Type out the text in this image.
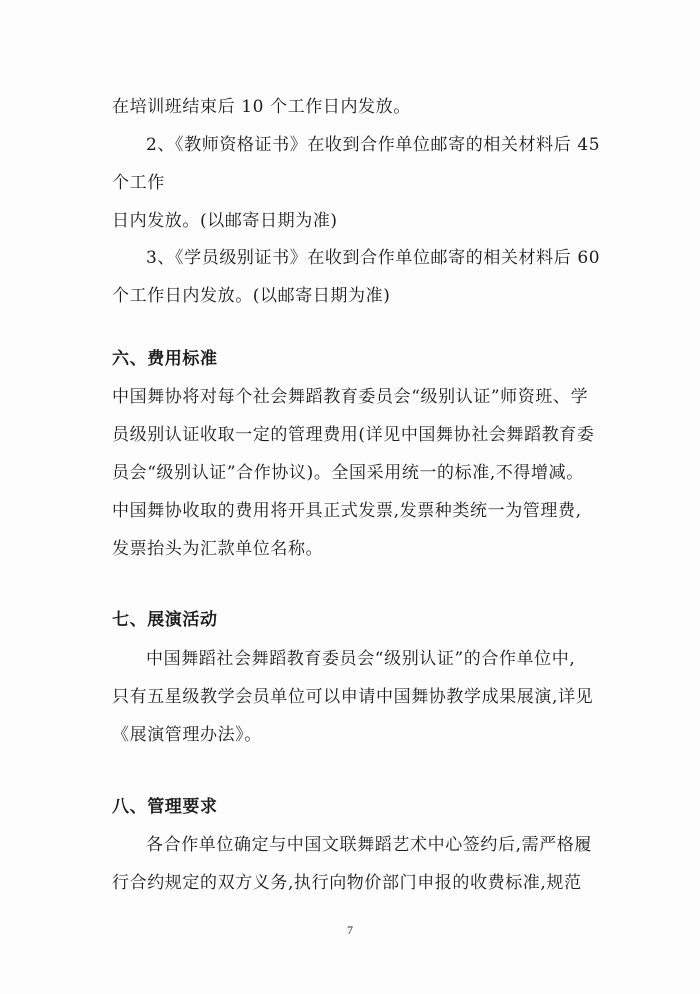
在培训班结束后 10 个工作日内发放。
2、《教师资格证书》在收到合作单位邮寄的相关材料后 45
个工作
日内发放。(以邮寄日期为准)
3、《学员级别证书》在收到合作单位邮寄的相关材料后 60
个工作日内发放。(以邮寄日期为准)
六、费用标准
中国舞协将对每个社会舞蹈教育委员会“级别认证”师资班、学
员级别认证收取一定的管理费用(详见中国舞协社会舞蹈教育委
员会“级别认证”合作协议)。全国采用统一的标准,不得增减。
中国舞协收取的费用将开具正式发票,发票种类统一为管理费,
发票抬头为汇款单位名称。
七、展演活动
中国舞蹈社会舞蹈教育委员会“级别认证”的合作单位中,
只有五星级教学会员单位可以申请中国舞协教学成果展演,详见
《展演管理办法》。
八、管理要求
各合作单位确定与中国文联舞蹈艺术中心签约后,需严格履
行合约规定的双方义务,执行向物价部门申报的收费标准,规范
7
